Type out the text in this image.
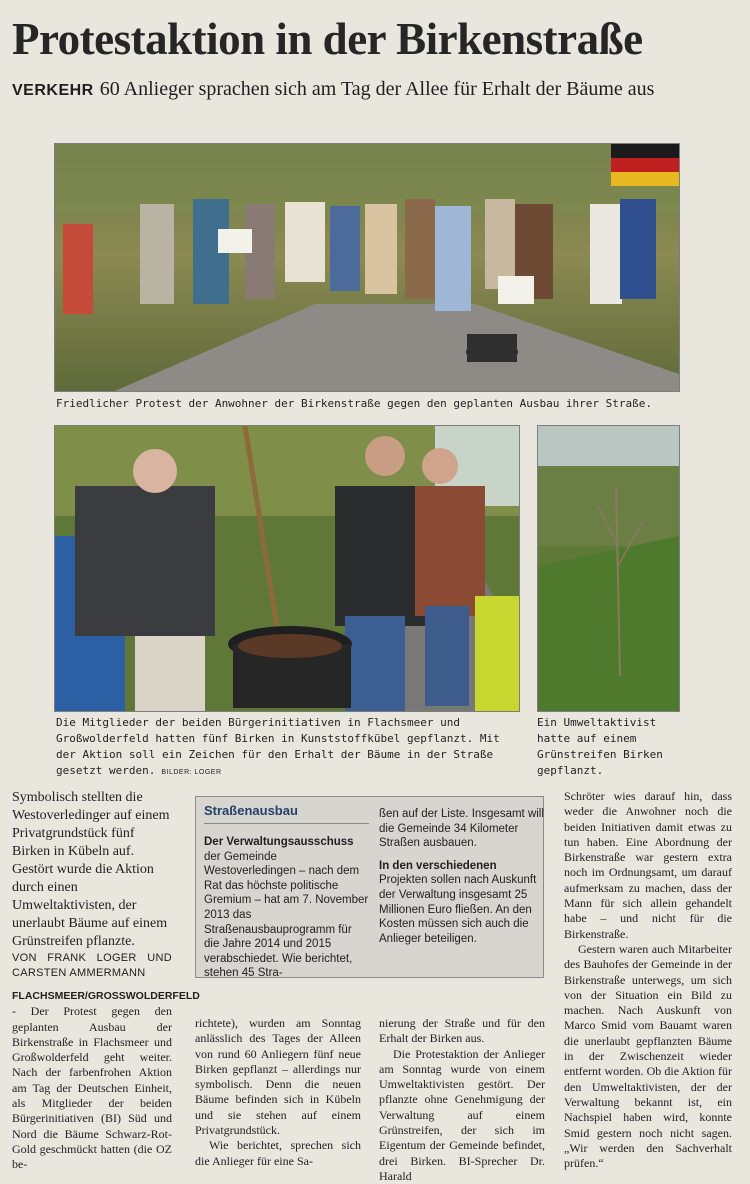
Protestaktion in der Birkenstraße
VERKEHR 60 Anlieger sprachen sich am Tag der Allee für Erhalt der Bäume aus
Friedlicher Protest der Anwohner der Birkenstraße gegen den geplanten Ausbau ihrer Straße.
Die Mitglieder der beiden Bürgerinitiativen in Flachsmeer und Großwolderfeld hatten fünf Birken in Kunststoffkübel gepflanzt. Mit der Aktion soll ein Zeichen für den Erhalt der Bäume in der Straße gesetzt werden. BILDER: LOGER
Ein Umweltaktivist hatte auf einem Grünstreifen Birken gepflanzt.

Symbolisch stellten die Westoverledinger auf einem Privatgrundstück fünf Birken in Kübeln auf. Gestört wurde die Aktion durch einen Umweltaktivisten, der unerlaubt Bäume auf einem Grünstreifen pflanzte.

VON FRANK LOGER UND CARSTEN AMMERMANN

FLACHSMEER/GROSSWOLDERFELD - Der Protest gegen den geplanten Ausbau der Birkenstraße in Flachsmeer und Großwolderfeld geht weiter. Nach der farbenfrohen Aktion am Tag der Deutschen Einheit, als Mitglieder der beiden Bürgerinitiativen (BI) Süd und Nord die Bäume Schwarz-Rot-Gold geschmückt hatten (die OZ be-

Straßenausbau

Der Verwaltungsausschuss der Gemeinde Westoverledingen – nach dem Rat das höchste politische Gremium – hat am 7. November 2013 das Straßenausbauprogramm für die Jahre 2014 und 2015 verabschiedet. Wie berichtet, stehen 45 Stra-

ßen auf der Liste. Insgesamt will die Gemeinde 34 Kilometer Straßen ausbauen.

In den verschiedenen Projekten sollen nach Auskunft der Verwaltung insgesamt 25 Millionen Euro fließen. An den Kosten müssen sich auch die Anlieger beteiligen.

richtete), wurden am Sonntag anlässlich des Tages der Alleen von rund 60 Anliegern fünf neue Birken gepflanzt – allerdings nur symbolisch. Denn die neuen Bäume befinden sich in Kübeln und sie stehen auf einem Privatgrundstück.

Wie berichtet, sprechen sich die Anlieger für eine Sa-

nierung der Straße und für den Erhalt der Birken aus.

Die Protestaktion der Anlieger am Sonntag wurde von einem Umweltaktivisten gestört. Der pflanzte ohne Genehmigung der Verwaltung auf einem Grünstreifen, der sich im Eigentum der Gemeinde befindet, drei Birken. BI-Sprecher Dr. Harald

Schröter wies darauf hin, dass weder die Anwohner noch die beiden Initiativen damit etwas zu tun haben. Eine Abordnung der Birkenstraße war gestern extra noch im Ordnungsamt, um darauf aufmerksam zu machen, dass der Mann für sich allein gehandelt habe – und nicht für die Birkenstraße.

Gestern waren auch Mitarbeiter des Bauhofes der Gemeinde in der Birkenstraße unterwegs, um sich von der Situation ein Bild zu machen. Nach Auskunft von Marco Smid vom Bauamt waren die unerlaubt gepflanzten Bäume in der Zwischenzeit wieder entfernt worden. Ob die Aktion für den Umweltaktivisten, der der Verwaltung bekannt ist, ein Nachspiel haben wird, konnte Smid gestern noch nicht sagen. „Wir werden den Sachverhalt prüfen.“
